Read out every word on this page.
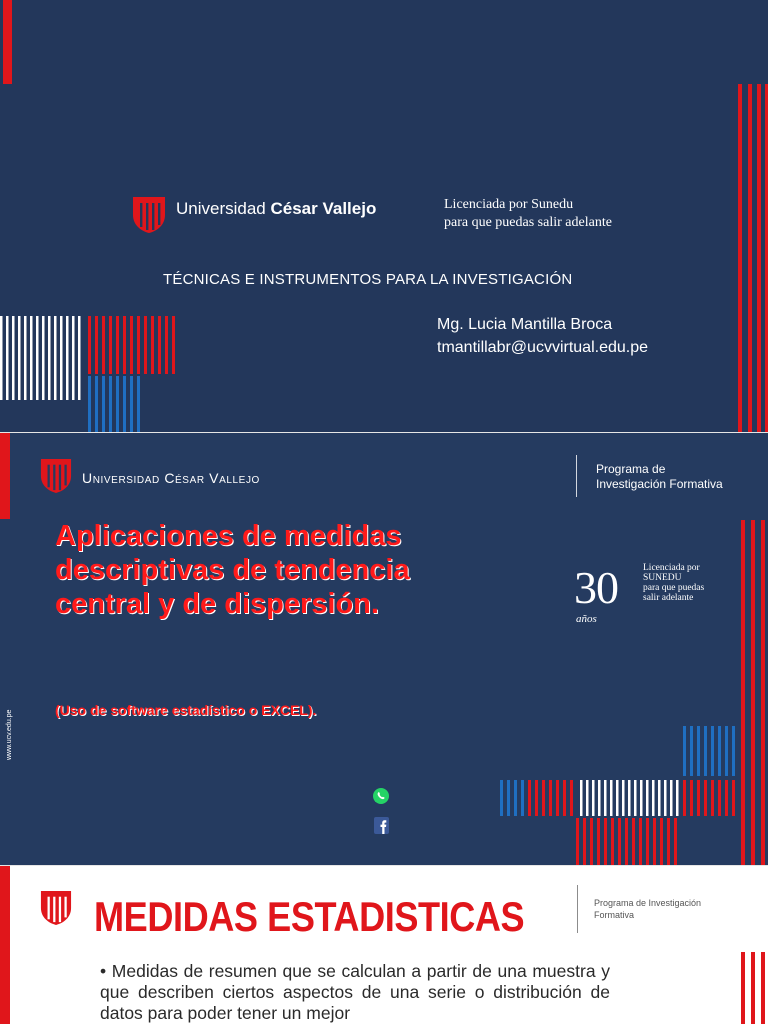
Universidad César Vallejo	Licenciada por Sunedu
para que puedas salir adelante
TÉCNICAS E INSTRUMENTOS PARA LA INVESTIGACIÓN
Mg. Lucia Mantilla Broca
tmantillabr@ucvvirtual.edu.pe
Universidad César Vallejo
Programa de
Investigación Formativa
Aplicaciones de medidas descriptivas de tendencia central y de dispersión.
(Uso de software estadístico o EXCEL).
30
años
Licenciada por
SUNEDU
para que puedas
salir adelante
www.ucv.edu.pe
MEDIDAS ESTADISTICAS	Programa de Investigación
Formativa
• Medidas de resumen que se calculan a partir de una muestra y que describen ciertos aspectos de una serie o distribución de datos para poder tener un mejor
